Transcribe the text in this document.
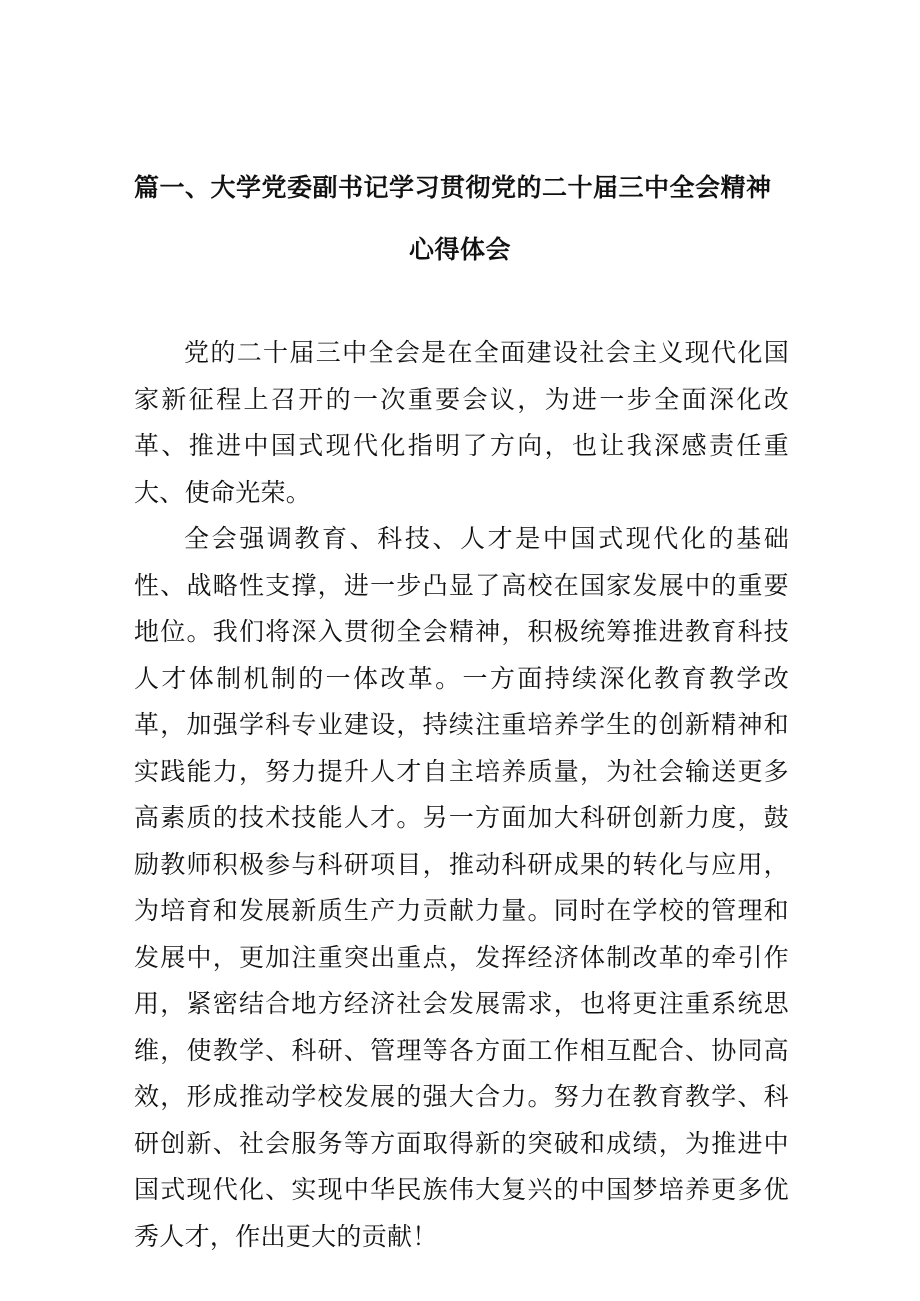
篇一、大学党委副书记学习贯彻党的二十届三中全会精神
心得体会

党的二十届三中全会是在全面建设社会主义现代化国家新征程上召开的一次重要会议，为进一步全面深化改革、推进中国式现代化指明了方向，也让我深感责任重大、使命光荣。

全会强调教育、科技、人才是中国式现代化的基础性、战略性支撑，进一步凸显了高校在国家发展中的重要地位。我们将深入贯彻全会精神，积极统筹推进教育科技人才体制机制的一体改革。一方面持续深化教育教学改革，加强学科专业建设，持续注重培养学生的创新精神和实践能力，努力提升人才自主培养质量，为社会输送更多高素质的技术技能人才。另一方面加大科研创新力度，鼓励教师积极参与科研项目，推动科研成果的转化与应用，为培育和发展新质生产力贡献力量。同时在学校的管理和发展中，更加注重突出重点，发挥经济体制改革的牵引作用，紧密结合地方经济社会发展需求，也将更注重系统思维，使教学、科研、管理等各方面工作相互配合、协同高效，形成推动学校发展的强大合力。努力在教育教学、科研创新、社会服务等方面取得新的突破和成绩，为推进中国式现代化、实现中华民族伟大复兴的中国梦培养更多优秀人才，作出更大的贡献！
